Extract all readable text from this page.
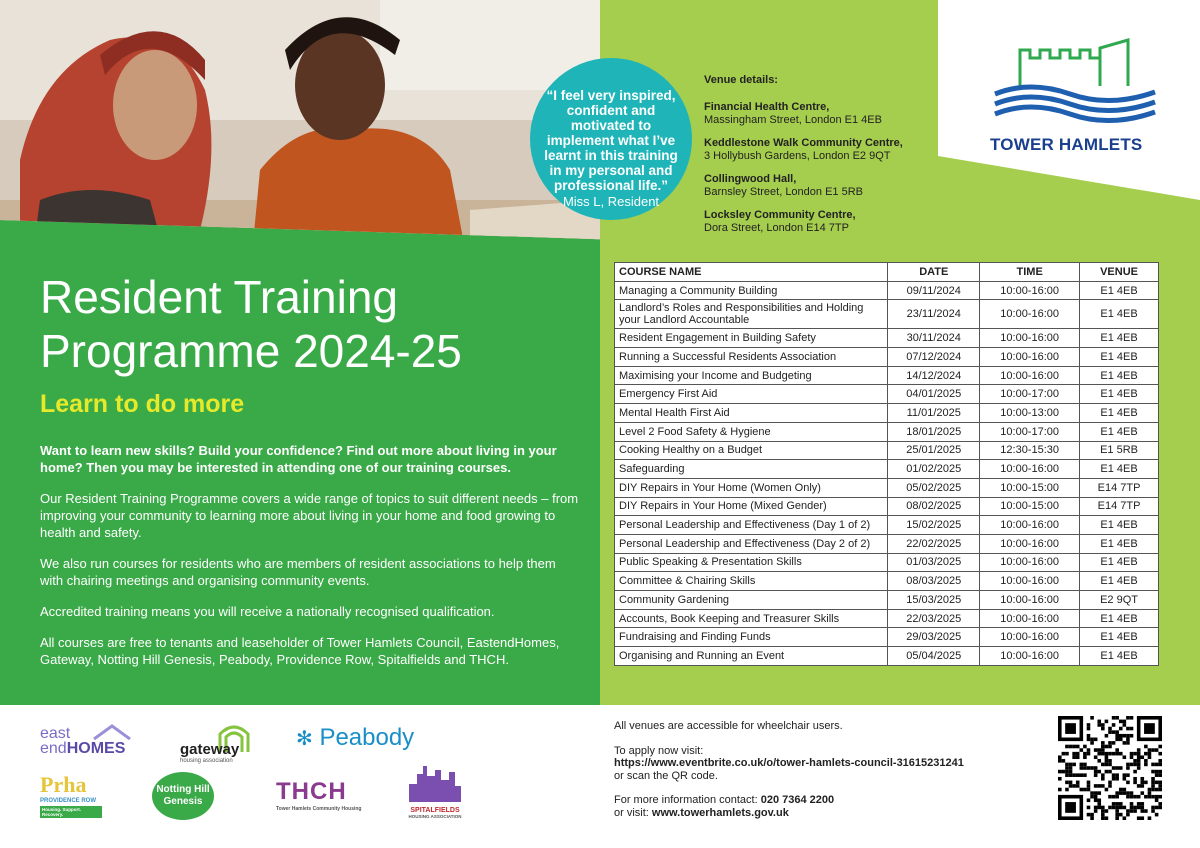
TOWER HAMLETS
“I feel very inspired, confident and motivated to implement what I’ve learnt in this training in my personal and professional life.”
Miss L, Resident
Venue details:
Financial Health Centre,
Massingham Street, London E1 4EB
Keddlestone Walk Community Centre,
3 Hollybush Gardens, London E2 9QT
Collingwood Hall,
Barnsley Street, London E1 5RB
Locksley Community Centre,
Dora Street, London E14 7TP
Resident Training
Programme 2024-25
Learn to do more

Want to learn new skills? Build your confidence? Find out more about living in your home? Then you may be interested in attending one of our training courses.

Our Resident Training Programme covers a wide range of topics to suit different needs – from improving your community to learning more about living in your home and food growing to health and safety.

We also run courses for residents who are members of resident associations to help them with chairing meetings and organising community events.

Accredited training means you will receive a nationally recognised qualification.

All courses are free to tenants and leaseholder of Tower Hamlets Council, EastendHomes, Gateway, Notting Hill Genesis, Peabody, Providence Row, Spitalfields and THCH.

COURSE NAME	DATE	TIME	VENUE
Managing a Community Building	09/11/2024	10:00-16:00	E1 4EB
Landlord’s Roles and Responsibilities and Holding your Landlord Accountable	23/11/2024	10:00-16:00	E1 4EB
Resident Engagement in Building Safety	30/11/2024	10:00-16:00	E1 4EB
Running a Successful Residents Association	07/12/2024	10:00-16:00	E1 4EB
Maximising your Income and Budgeting	14/12/2024	10:00-16:00	E1 4EB
Emergency First Aid	04/01/2025	10:00-17:00	E1 4EB
Mental Health First Aid	11/01/2025	10:00-13:00	E1 4EB
Level 2 Food Safety & Hygiene	18/01/2025	10:00-17:00	E1 4EB
Cooking Healthy on a Budget	25/01/2025	12:30-15:30	E1 5RB
Safeguarding	01/02/2025	10:00-16:00	E1 4EB
DIY Repairs in Your Home (Women Only)	05/02/2025	10:00-15:00	E14 7TP
DIY Repairs in Your Home (Mixed Gender)	08/02/2025	10:00-15:00	E14 7TP
Personal Leadership and Effectiveness (Day 1 of 2)	15/02/2025	10:00-16:00	E1 4EB
Personal Leadership and Effectiveness (Day 2 of 2)	22/02/2025	10:00-16:00	E1 4EB
Public Speaking & Presentation Skills	01/03/2025	10:00-16:00	E1 4EB
Committee & Chairing Skills	08/03/2025	10:00-16:00	E1 4EB
Community Gardening	15/03/2025	10:00-16:00	E2 9QT
Accounts, Book Keeping and Treasurer Skills	22/03/2025	10:00-16:00	E1 4EB
Fundraising and Finding Funds	29/03/2025	10:00-16:00	E1 4EB
Organising and Running an Event	05/04/2025	10:00-16:00	E1 4EB
All venues are accessible for wheelchair users.
To apply now visit:
https://www.eventbrite.co.uk/o/tower-hamlets-council-31615231241
or scan the QR code.
For more information contact: 020 7364 2200
or visit: www.towerhamlets.gov.uk
east
endHOMES	gateway
housing association
✻ Peabody
Prha
PROVIDENCE ROW
Housing. Support. Recovery.
Notting Hill
Genesis	THCH
Tower Hamlets Community Housing	SPITALFIELDS
HOUSING ASSOCIATION
